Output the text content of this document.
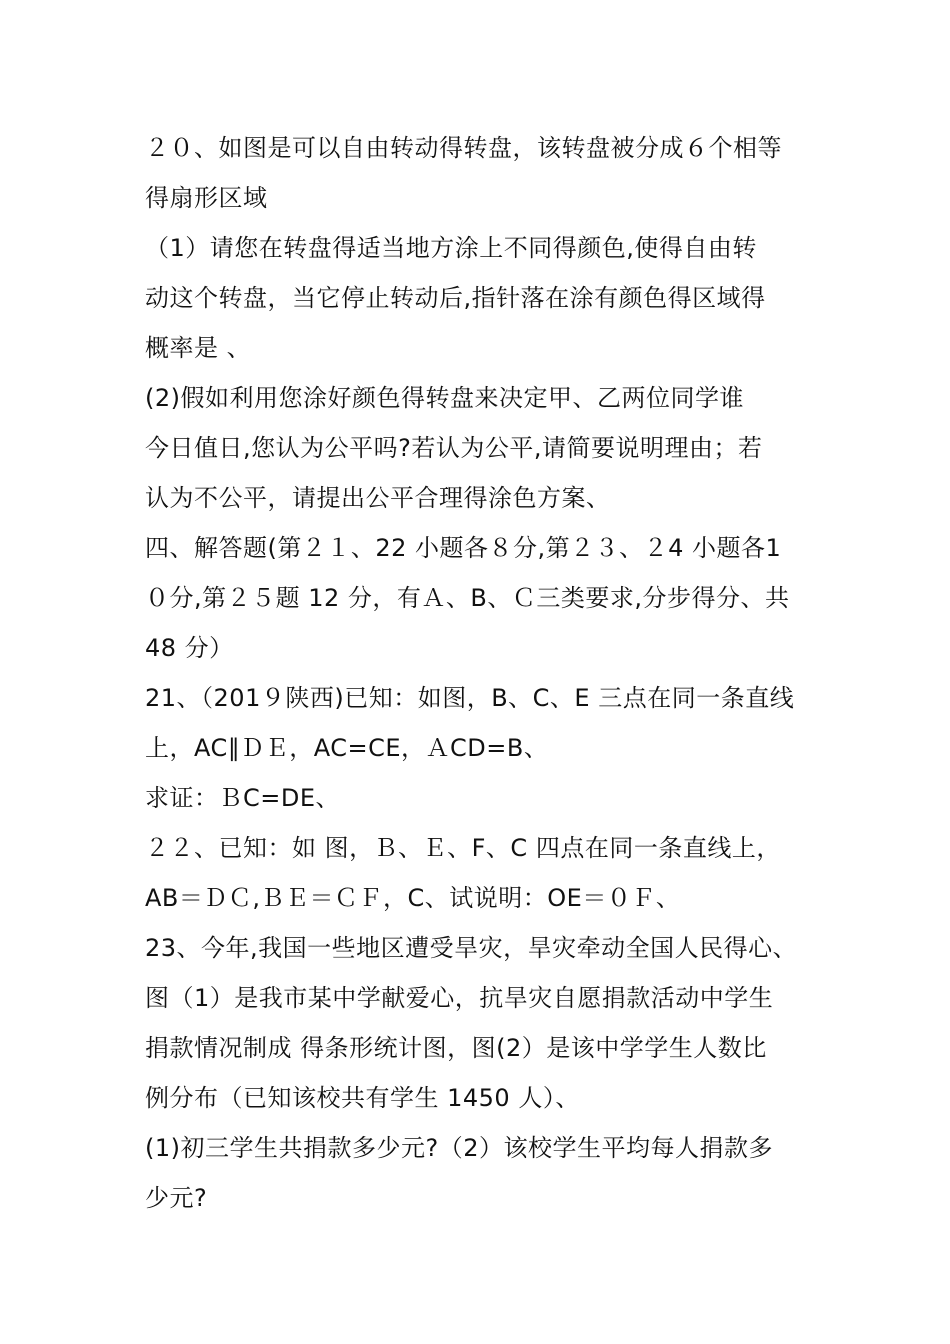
２０、如图是可以自由转动得转盘，该转盘被分成６个相等
得扇形区域
（1）请您在转盘得适当地方涂上不同得颜色,使得自由转
动这个转盘，当它停止转动后,指针落在涂有颜色得区域得
概率是 、
(2)假如利用您涂好颜色得转盘来决定甲、乙两位同学谁
今日值日,您认为公平吗?若认为公平,请简要说明理由；若
认为不公平，请提出公平合理得涂色方案、
四、解答题(第２１、22 小题各８分,第２３、２4 小题各1
０分,第２５题 12 分，有Ａ、B、Ｃ三类要求,分步得分、共
48 分）
21、（201９陕西)已知：如图，B、C、E 三点在同一条直线
上，AC∥ＤＥ，AC=CE，ＡCD=B、
求证：ＢC=DE、
２２、已知：如 图，Ｂ、Ｅ、F、C 四点在同一条直线上，
AB＝ＤＣ,ＢＥ＝ＣＦ，C、试说明：OE＝０Ｆ、
23、今年,我国一些地区遭受旱灾，旱灾牵动全国人民得心、
图（1）是我市某中学献爱心，抗旱灾自愿捐款活动中学生
捐款情况制成 得条形统计图，图(2）是该中学学生人数比
例分布（已知该校共有学生 1450 人）、
(1)初三学生共捐款多少元?（2）该校学生平均每人捐款多
少元?
